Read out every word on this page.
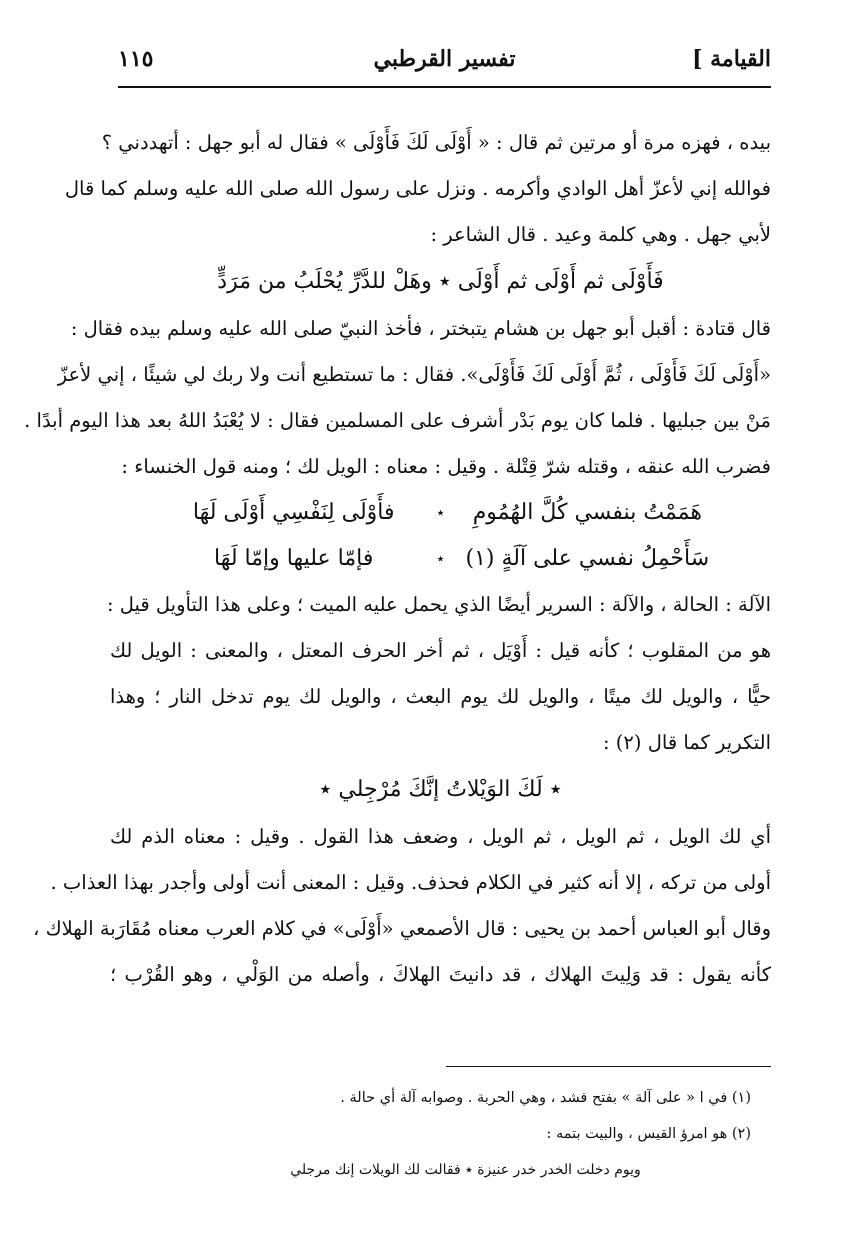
القيامة ]
تفسير القرطبي
١١٥
بيده ، فهزه مرة أو مرتين ثم قال : « أَوْلَى لَكَ فَأَوْلَى » فقال له أبو جهل : أتهددني ؟
فوالله إني لأعزّ أهل الوادي وأكرمه . ونزل على رسول الله صلى الله عليه وسلم كما قال
لأبي جهل . وهي كلمة وعيد . قال الشاعر :
فَأَوْلَى ثم أَوْلَى ثم أَوْلَى ٭ وهَلْ للدَّرِّ يُحْلَبُ من مَرَدٍّ
قال قتادة : أقبل أبو جهل بن هشام يتبختر ، فأخذ النبيّ صلى الله عليه وسلم بيده فقال :
«أَوْلَى لَكَ فَأَوْلَى ، ثُمَّ أَوْلَى لَكَ فَأَوْلَى». فقال : ما تستطيع أنت ولا ربك لي شيئًا ، إني لأعزّ
مَنْ بين جبليها . فلما كان يوم بَدْر أشرف على المسلمين فقال : لا يُعْبَدُ اللهُ بعد هذا اليوم أبدًا .
فضرب الله عنقه ، وقتله شرّ قِتْلة . وقيل : معناه : الويل لك ؛ ومنه قول الخنساء :
هَمَمْتُ بنفسي كُلَّ الهُمُومِ
٭
فأَوْلَى لِنَفْسِي أَوْلَى لَهَا
سَأَحْمِلُ نفسي على آلَةٍ (١)
٭
فإمّا عليها وإمّا لَهَا
الآلة : الحالة ، والآلة : السرير أيضًا الذي يحمل عليه الميت ؛ وعلى هذا التأويل قيل :
هو من المقلوب ؛ كأنه قيل : أَوْيَل ، ثم أخر الحرف المعتل ، والمعنى : الويل لك
حيًّا ، والويل لك ميتًا ، والويل لك يوم البعث ، والويل لك يوم تدخل النار ؛ وهذا
التكرير كما قال (٢) :
٭ لَكَ الوَيْلاتُ إنَّكَ مُرْجِلي ٭
أي لك الويل ، ثم الويل ، ثم الويل ، وضعف هذا القول . وقيل : معناه الذم لك
أولى من تركه ، إلا أنه كثير في الكلام فحذف. وقيل : المعنى أنت أولى وأجدر بهذا العذاب .
وقال أبو العباس أحمد بن يحيى : قال الأصمعي «أَوْلَى» في كلام العرب معناه مُقَارَبة الهلاك ،
كأنه يقول : قد وَلِيتَ الهلاك ، قد دانيتَ الهلاكَ ، وأصله من الوَلْي ، وهو القُرْب ؛
(١) في ا « على آلة » بفتح فشد ، وهي الحربة . وصوابه آلة أي حالة .
(٢) هو امرؤ القيس ، والبيت بتمه :
ويوم دخلت الخدر خدر عنيزة ٭ فقالت لك الويلات إنك مرجلي
